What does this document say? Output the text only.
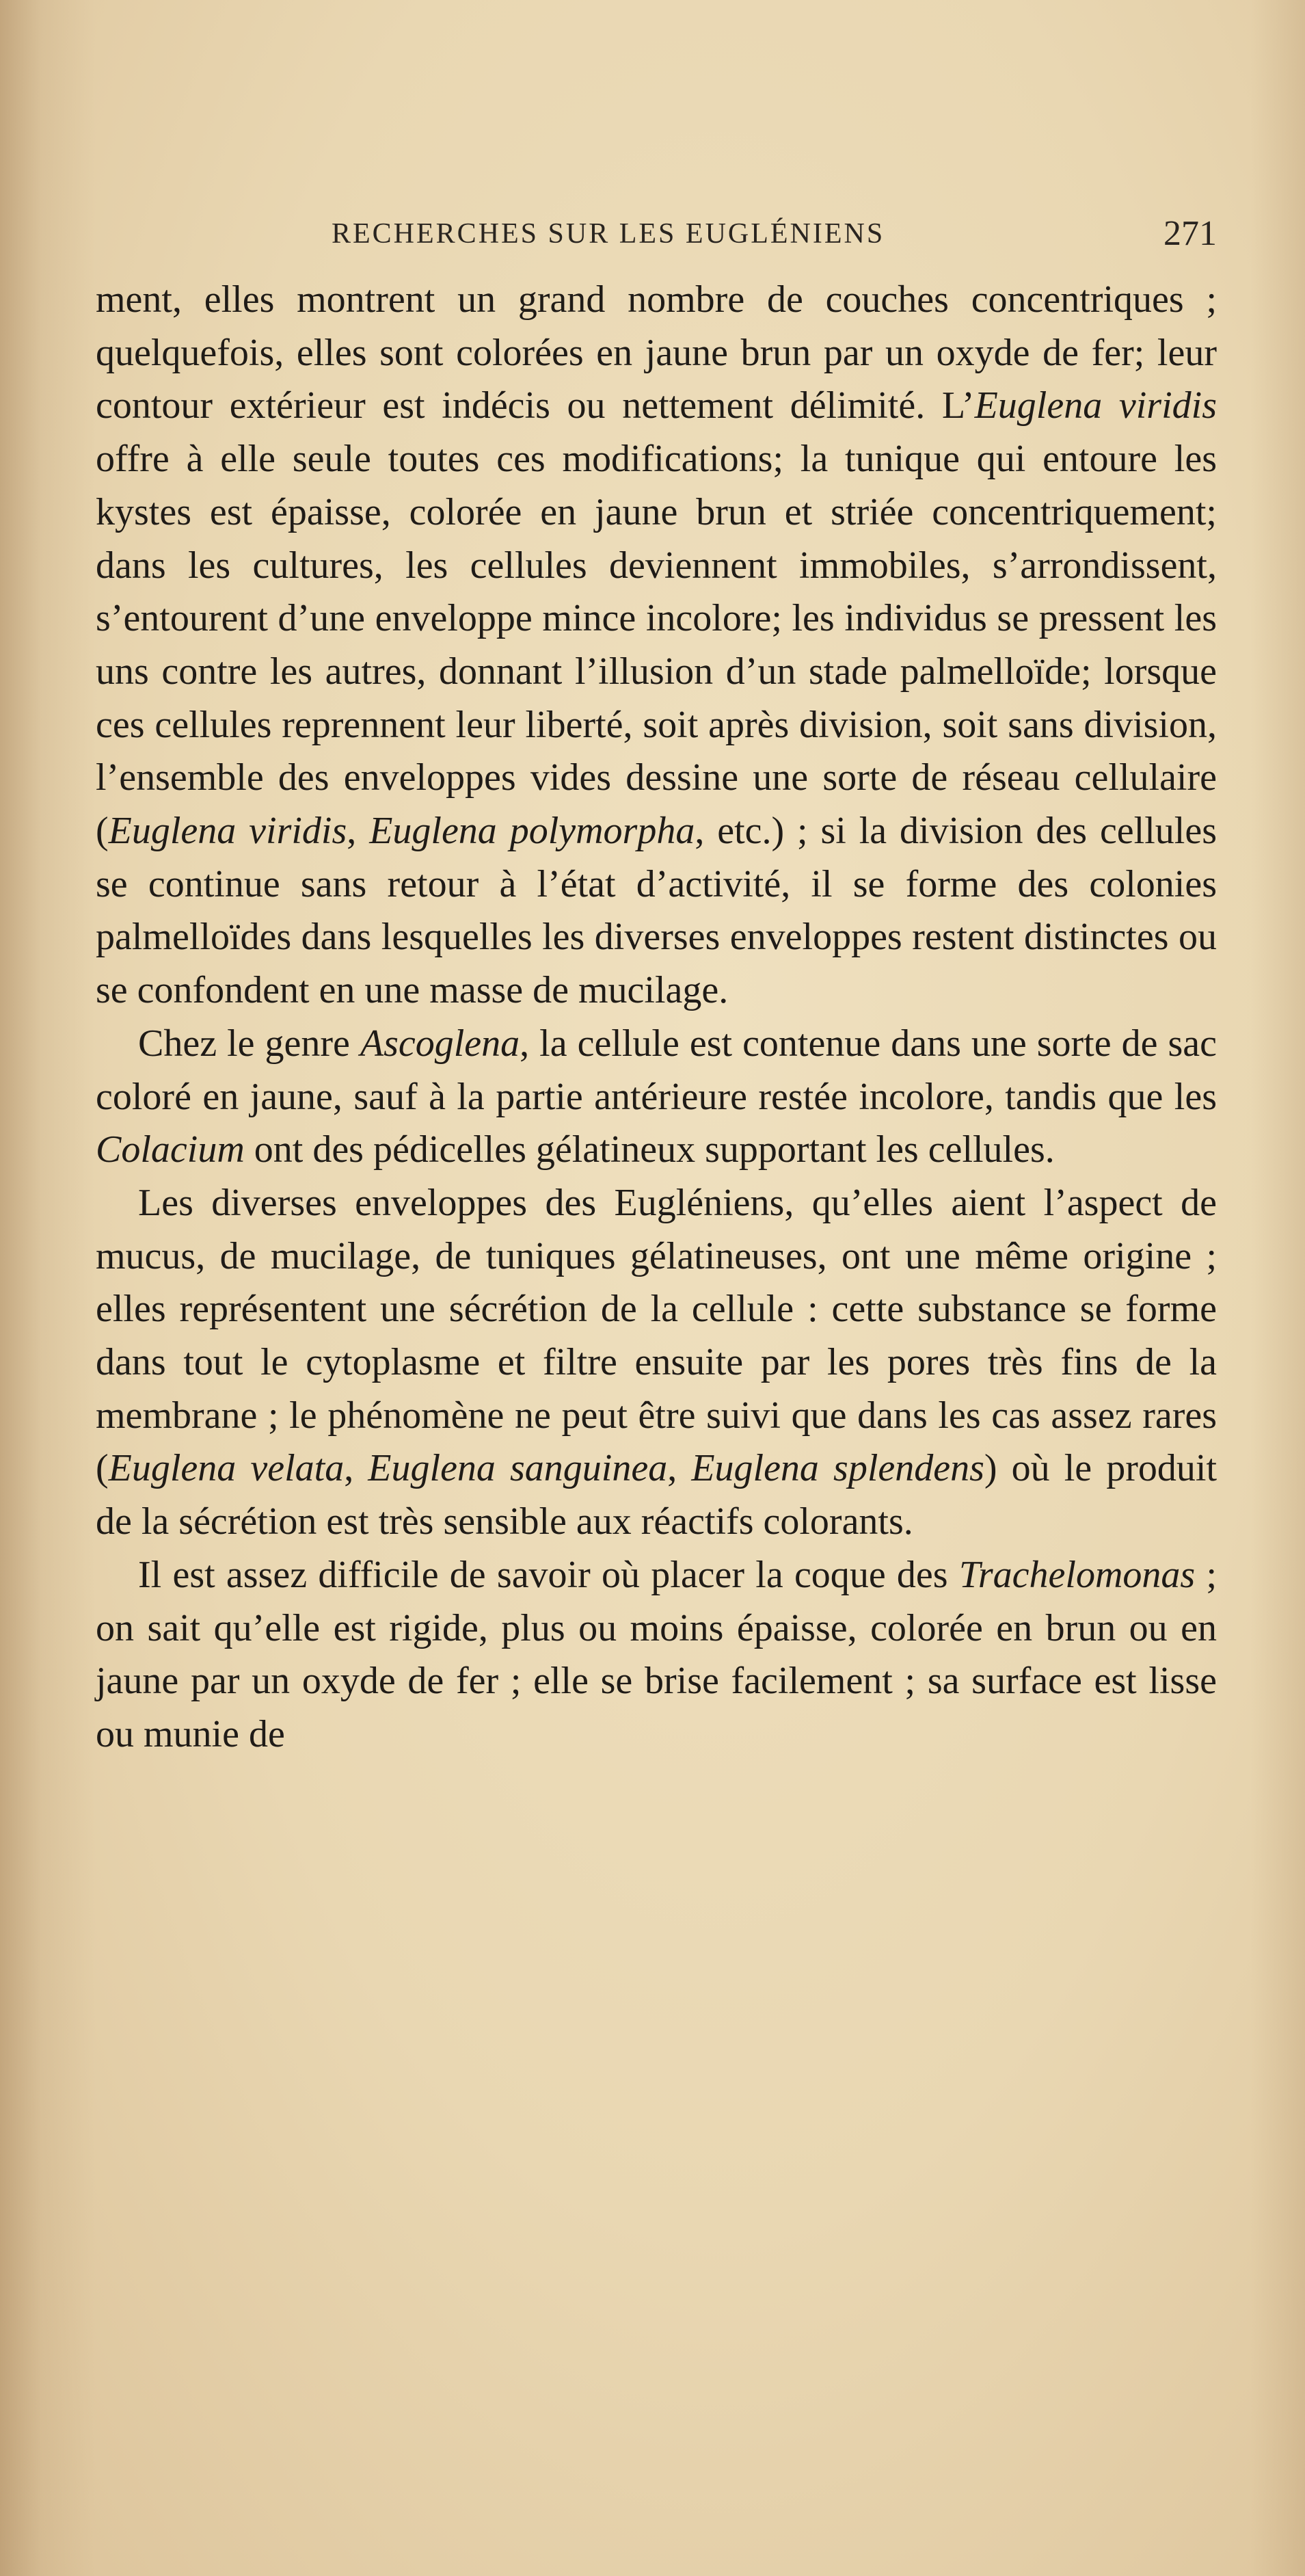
RECHERCHES SUR LES EUGLÉNIENS	271

ment, elles montrent un grand nombre de couches concentriques ; quelquefois, elles sont colorées en jaune brun par un oxyde de fer; leur contour extérieur est indécis ou nettement délimité. L’Euglena viridis offre à elle seule toutes ces modifications; la tunique qui entoure les kystes est épaisse, colorée en jaune brun et striée concentriquement; dans les cultures, les cellules deviennent immobiles, s’arrondissent, s’entourent d’une enveloppe mince incolore; les individus se pressent les uns contre les autres, donnant l’illusion d’un stade palmelloïde; lorsque ces cellules reprennent leur liberté, soit après division, soit sans division, l’ensemble des enveloppes vides dessine une sorte de réseau cellulaire (Euglena viridis, Euglena polymorpha, etc.) ; si la division des cellules se continue sans retour à l’état d’activité, il se forme des colonies palmelloïdes dans lesquelles les diverses enveloppes restent distinctes ou se confondent en une masse de mucilage.

Chez le genre Ascoglena, la cellule est contenue dans une sorte de sac coloré en jaune, sauf à la partie antérieure restée incolore, tandis que les Colacium ont des pédicelles gélatineux supportant les cellules.

Les diverses enveloppes des Eugléniens, qu’elles aient l’aspect de mucus, de mucilage, de tuniques gélatineuses, ont une même origine ; elles représentent une sécrétion de la cellule : cette substance se forme dans tout le cytoplasme et filtre ensuite par les pores très fins de la membrane ; le phénomène ne peut être suivi que dans les cas assez rares (Euglena velata, Euglena sanguinea, Euglena splendens) où le produit de la sécrétion est très sensible aux réactifs colorants.

Il est assez difficile de savoir où placer la coque des Trachelomonas ; on sait qu’elle est rigide, plus ou moins épaisse, colorée en brun ou en jaune par un oxyde de fer ; elle se brise facilement ; sa surface est lisse ou munie de
